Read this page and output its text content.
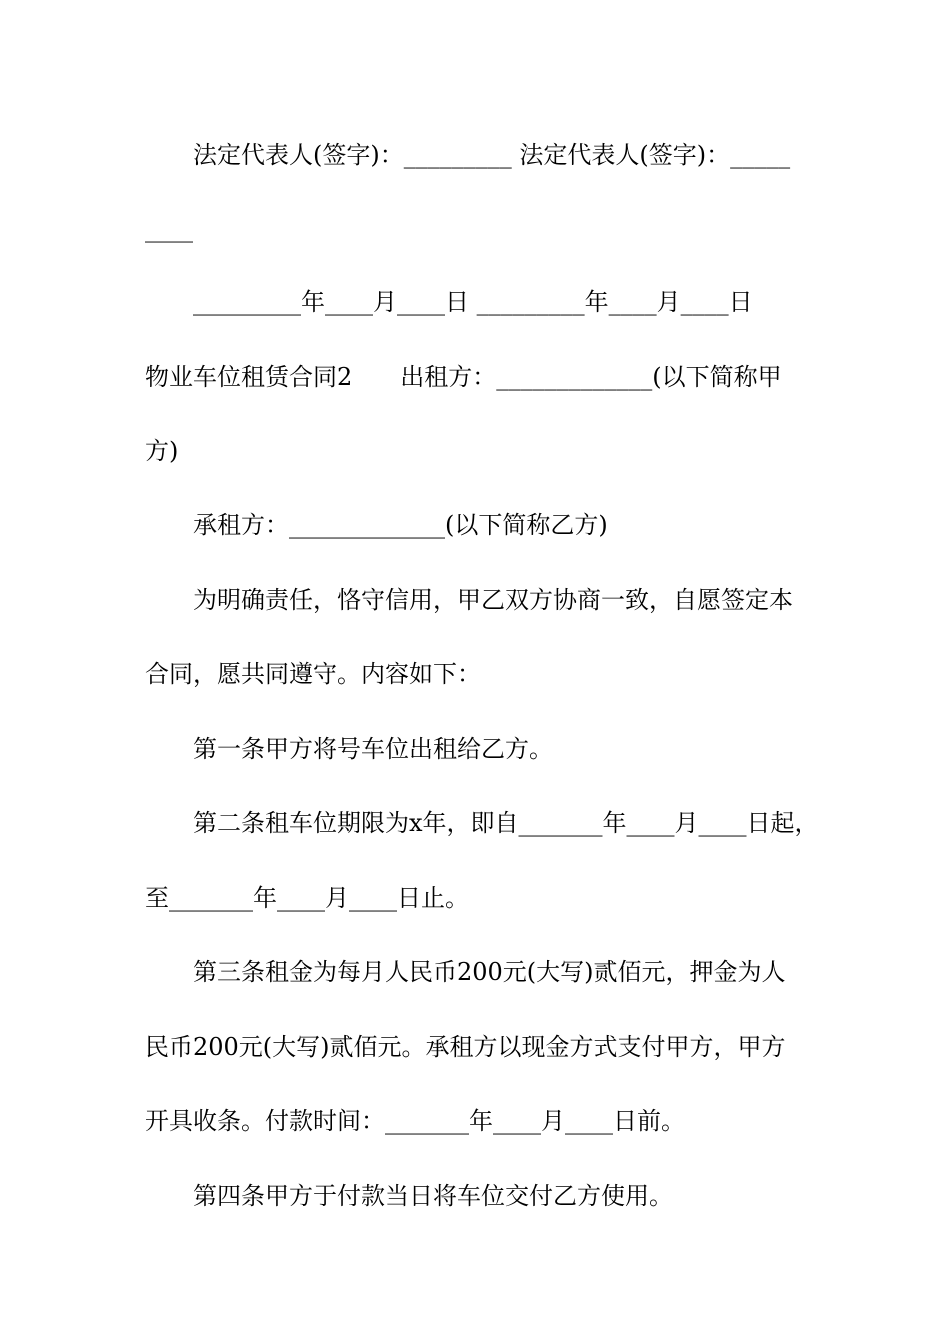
法定代表人(签字)：_________ 法定代表人(签字)：_____
____
_________年____月____日 _________年____月____日
物业车位租赁合同2　　出租方：_____________(以下简称甲
方)
承租方：_____________(以下简称乙方)
为明确责任，恪守信用，甲乙双方协商一致，自愿签定本
合同，愿共同遵守。内容如下：
第一条甲方将号车位出租给乙方。
第二条租车位期限为x年，即自_______年____月____日起，
至_______年____月____日止。
第三条租金为每月人民币200元(大写)贰佰元，押金为人
民币200元(大写)贰佰元。承租方以现金方式支付甲方，甲方
开具收条。付款时间：_______年____月____日前。
第四条甲方于付款当日将车位交付乙方使用。
